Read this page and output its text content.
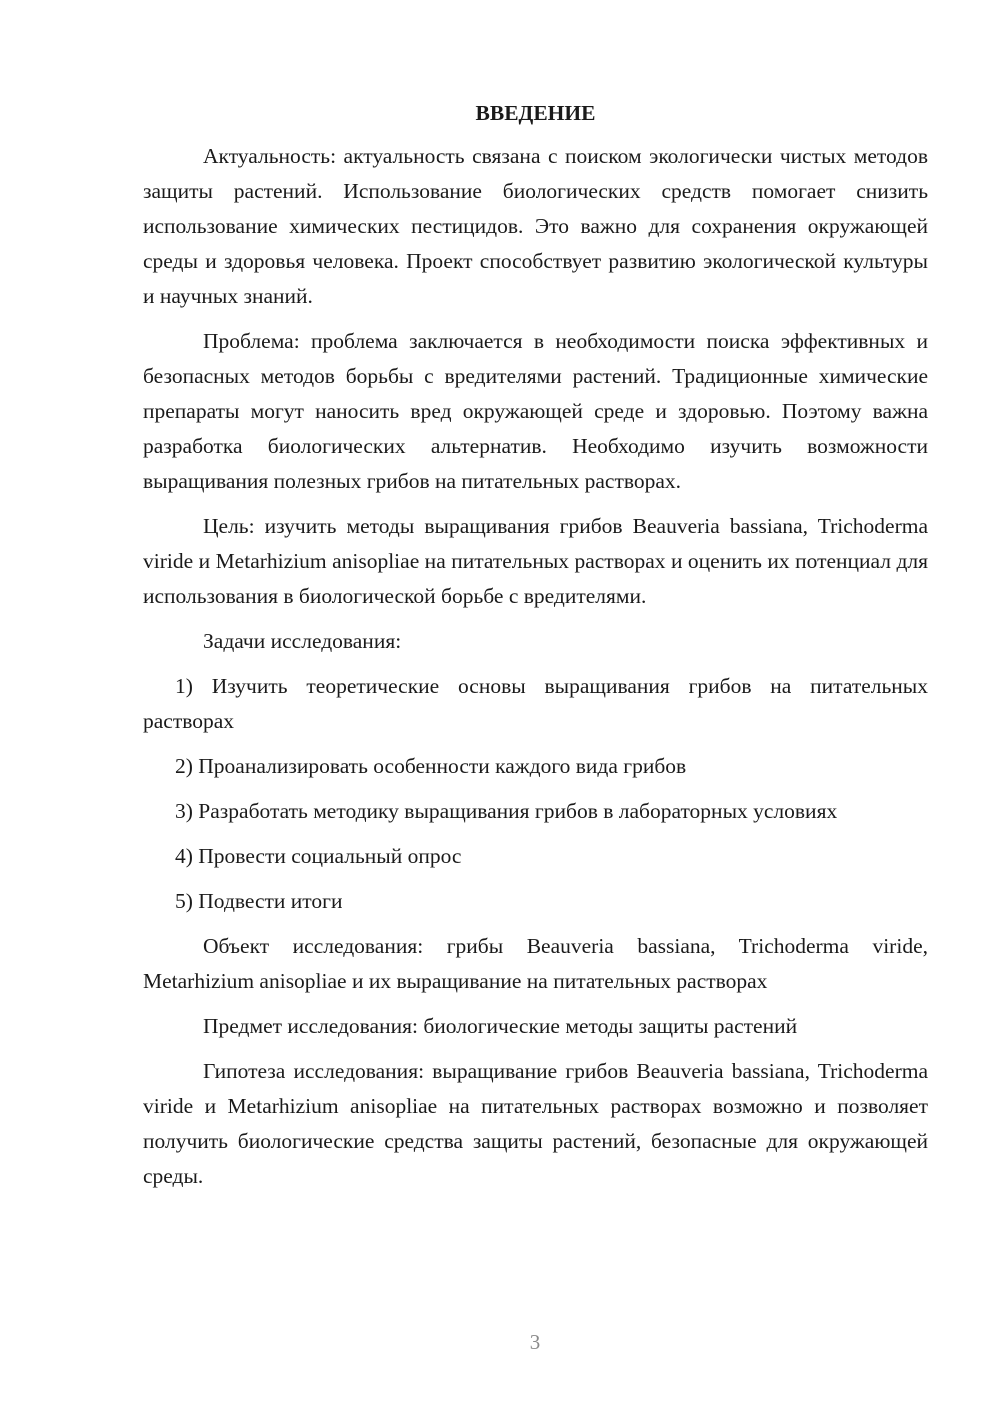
ВВЕДЕНИЕ

Актуальность: актуальность связана с поиском экологически чистых методов защиты растений. Использование биологических средств помогает снизить использование химических пестицидов. Это важно для сохранения окружающей среды и здоровья человека. Проект способствует развитию экологической культуры и научных знаний.

Проблема: проблема заключается в необходимости поиска эффективных и безопасных методов борьбы с вредителями растений. Традиционные химические препараты могут наносить вред окружающей среде и здоровью. Поэтому важна разработка биологических альтернатив. Необходимо изучить возможности выращивания полезных грибов на питательных растворах.

Цель: изучить методы выращивания грибов Beauveria bassiana, Trichoderma viride и Metarhizium anisopliae на питательных растворах и оценить их потенциал для использования в биологической борьбе с вредителями.

Задачи исследования:

1) Изучить теоретические основы выращивания грибов на питательных растворах

2) Проанализировать особенности каждого вида грибов

3) Разработать методику выращивания грибов в лабораторных условиях

4) Провести социальный опрос

5) Подвести итоги

Объект исследования: грибы Beauveria bassiana, Trichoderma viride, Metarhizium anisopliae и их выращивание на питательных растворах

Предмет исследования: биологические методы защиты растений

Гипотеза исследования: выращивание грибов Beauveria bassiana, Trichoderma viride и Metarhizium anisopliae на питательных растворах возможно и позволяет получить биологические средства защиты растений, безопасные для окружающей среды.

3
